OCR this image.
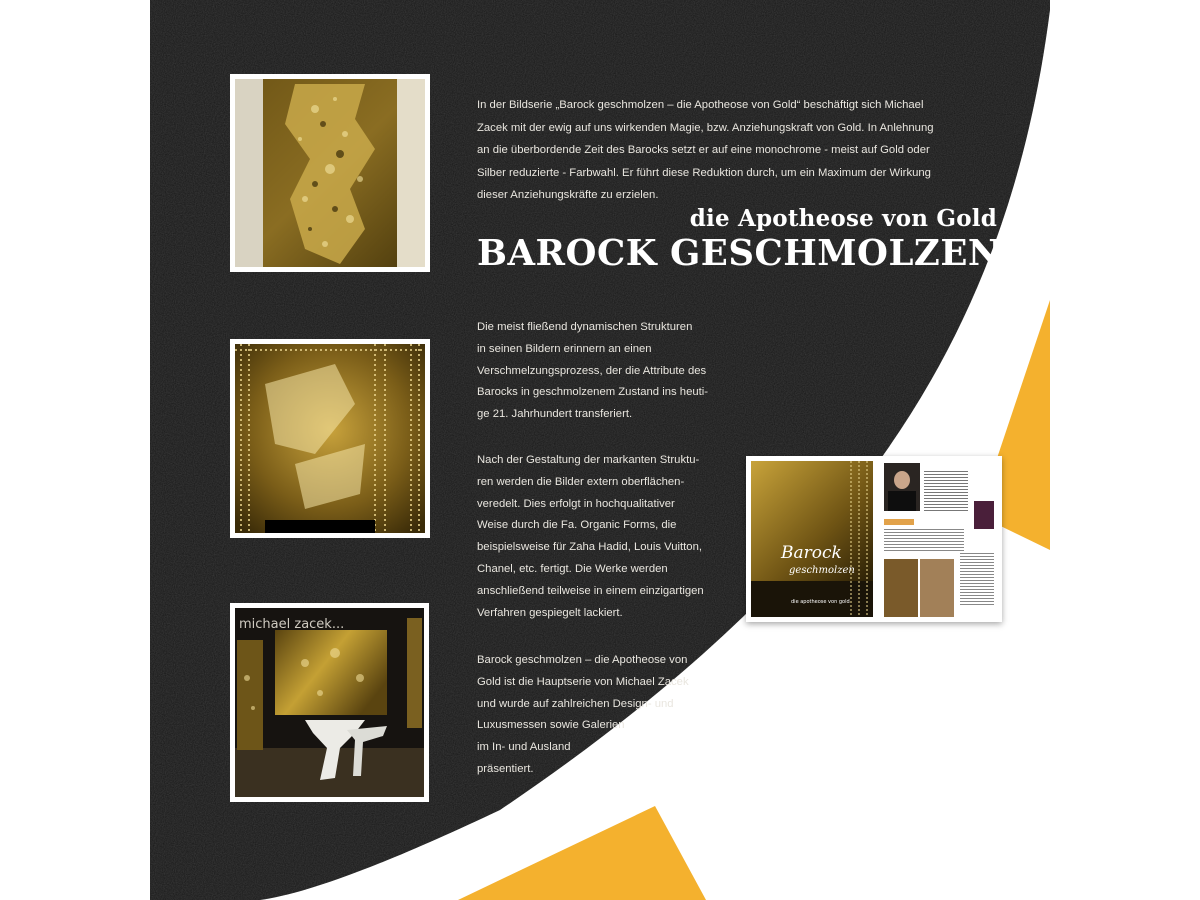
michael zacek...

In der Bildserie „Barock geschmolzen – die Apotheose von Gold“ beschäftigt sich Michael
Zacek mit der ewig auf uns wirkenden Magie, bzw. Anziehungskraft von Gold. In Anlehnung
an die überbordende Zeit des Barocks setzt er auf eine monochrome - meist auf Gold oder
Silber reduzierte - Farbwahl. Er führt diese Reduktion durch, um ein Maximum der Wirkung
dieser Anziehungskräfte zu erzielen.

die Apotheose von Gold
BAROCK GESCHMOLZEN

Die meist fließend dynamischen Strukturen
in seinen Bildern erinnern an einen
Verschmelzungsprozess, der die Attribute des
Barocks in geschmolzenem Zustand ins heuti-
ge 21. Jahrhundert transferiert.

Nach der Gestaltung der markanten Struktu-
ren werden die Bilder extern oberflächen-
veredelt. Dies erfolgt in hochqualitativer
Weise durch die Fa. Organic Forms, die
beispielsweise für Zaha Hadid, Louis Vuitton,
Chanel, etc. fertigt. Die Werke werden
anschließend teilweise in einem einzigartigen
Verfahren gespiegelt lackiert.

Barock geschmolzen – die Apotheose von
Gold ist die Hauptserie von Michael Zacek
und wurde auf zahlreichen Design- und
Luxusmessen sowie Galerien
im In- und Ausland
präsentiert.

Barock

geschmolzen

die apotheose von gold
